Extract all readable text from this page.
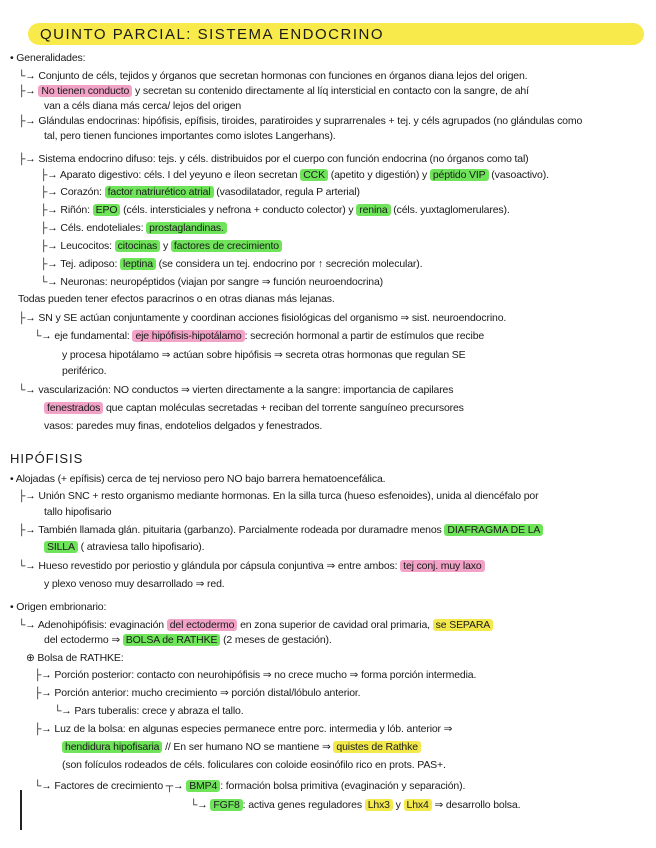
QUINTO PARCIAL: SISTEMA ENDOCRINO
HIPÓFISIS
• Generalidades:
└→ Conjunto de céls, tejidos y órganos que secretan hormonas con funciones en órganos diana lejos del origen.
├→ No tienen conducto y secretan su contenido directamente al líq intersticial en contacto con la sangre, de ahí
van a céls diana más cerca/ lejos del origen
├→ Glándulas endocrinas: hipófisis, epífisis, tiroides, paratiroides y suprarrenales + tej. y céls agrupados (no glándulas como
tal, pero tienen funciones importantes como islotes Langerhans).
├→ Sistema endocrino difuso: tejs. y céls. distribuidos por el cuerpo con función endocrina (no órganos como tal)
├→ Aparato digestivo: céls. I del yeyuno e íleon secretan CCK (apetito y digestión) y péptido VIP (vasoactivo).
├→ Corazón: factor natriurético atrial (vasodilatador, regula P arterial)
├→ Riñón: EPO (céls. intersticiales y nefrona + conducto colector) y renina (céls. yuxtaglomerulares).
├→ Céls. endoteliales: prostaglandinas.
├→ Leucocitos: citocinas y factores de crecimiento
├→ Tej. adiposo: leptina (se considera un tej. endocrino por ↑ secreción molecular).
└→ Neuronas: neuropéptidos (viajan por sangre ⇒ función neuroendocrina)
Todas pueden tener efectos paracrinos o en otras dianas más lejanas.
├→ SN y SE actúan conjuntamente y coordinan acciones fisiológicas del organismo ⇒ sist. neuroendocrino.
└→ eje fundamental: eje hipófisis-hipotálamo : secreción hormonal a partir de estímulos que recibe
y procesa hipotálamo ⇒ actúan sobre hipófisis ⇒ secreta otras hormonas que regulan SE
periférico.
└→ vascularización: NO conductos ⇒ vierten directamente a la sangre: importancia de capilares
fenestrados que captan moléculas secretadas + reciban del torrente sanguíneo precursores
vasos: paredes muy finas, endotelios delgados y fenestrados.
• Alojadas (+ epífisis) cerca de tej nervioso pero NO bajo barrera hematoencefálica.
├→ Unión SNC + resto organismo mediante hormonas. En la silla turca (hueso esfenoides), unida al diencéfalo por
tallo hipofisario
├→ También llamada glán. pituitaria (garbanzo). Parcialmente rodeada por duramadre menos DIAFRAGMA DE LA
SILLA ( atraviesa tallo hipofisario).
└→ Hueso revestido por periostio y glándula por cápsula conjuntiva ⇒ entre ambos: tej conj. muy laxo
y plexo venoso muy desarrollado ⇒ red.
• Origen embrionario:
└→ Adenohipófisis: evaginación del ectodermo en zona superior de cavidad oral primaria, se SEPARA
del ectodermo ⇒ BOLSA de RATHKE (2 meses de gestación).
⊕ Bolsa de RATHKE:
├→ Porción posterior: contacto con neurohipófisis ⇒ no crece mucho ⇒ forma porción intermedia.
├→ Porción anterior: mucho crecimiento ⇒ porción distal/lóbulo anterior.
└→ Pars tuberalis: crece y abraza el tallo.
├→ Luz de la bolsa: en algunas especies permanece entre porc. intermedia y lób. anterior ⇒
hendidura hipofisaria // En ser humano NO se mantiene ⇒ quistes de Rathke
(son folículos rodeados de céls. foliculares con coloide eosinófilo rico en prots. PAS+.
└→ Factores de crecimiento ┬→ BMP4 : formación bolsa primitiva (evaginación y separación).
└→ FGF8 : activa genes reguladores Lhx3 y Lhx4 ⇒ desarrollo bolsa.
